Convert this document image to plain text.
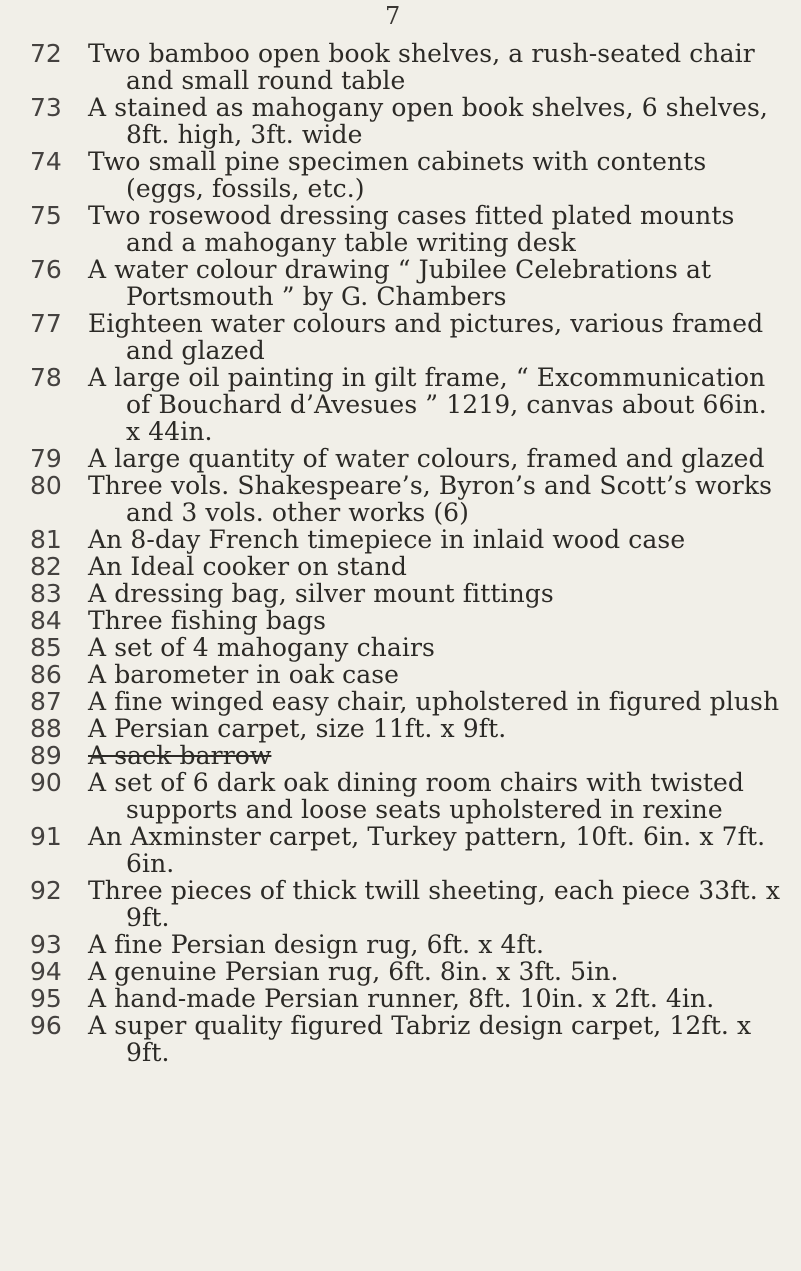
7
72 Two bamboo open book shelves, a rush-seated chair and small round table
73 A stained as mahogany open book shelves, 6 shelves, 8ft. high, 3ft. wide
74 Two small pine specimen cabinets with contents (eggs, fossils, etc.)
75 Two rosewood dressing cases fitted plated mounts and a mahogany table writing desk
76 A water colour drawing “ Jubilee Celebrations at Portsmouth ” by G. Chambers
77 Eighteen water colours and pictures, various framed and glazed
78 A large oil painting in gilt frame, “ Excommunication of Bouchard d’Avesues ” 1219, canvas about 66in. x 44in.
79 A large quantity of water colours, framed and glazed
80 Three vols. Shakespeare’s, Byron’s and Scott’s works and 3 vols. other works (6)
81 An 8-day French timepiece in inlaid wood case
82 An Ideal cooker on stand
83 A dressing bag, silver mount fittings
84 Three fishing bags
85 A set of 4 mahogany chairs
86 A barometer in oak case
87 A fine winged easy chair, upholstered in figured plush
88 A Persian carpet, size 11ft. x 9ft.
89 A sack barrow
90 A set of 6 dark oak dining room chairs with twisted supports and loose seats upholstered in rexine
91 An Axminster carpet, Turkey pattern, 10ft. 6in. x 7ft. 6in.
92 Three pieces of thick twill sheeting, each piece 33ft. x 9ft.
93 A fine Persian design rug, 6ft. x 4ft.
94 A genuine Persian rug, 6ft. 8in. x 3ft. 5in.
95 A hand-made Persian runner, 8ft. 10in. x 2ft. 4in.
96 A super quality figured Tabriz design carpet, 12ft. x 9ft.
